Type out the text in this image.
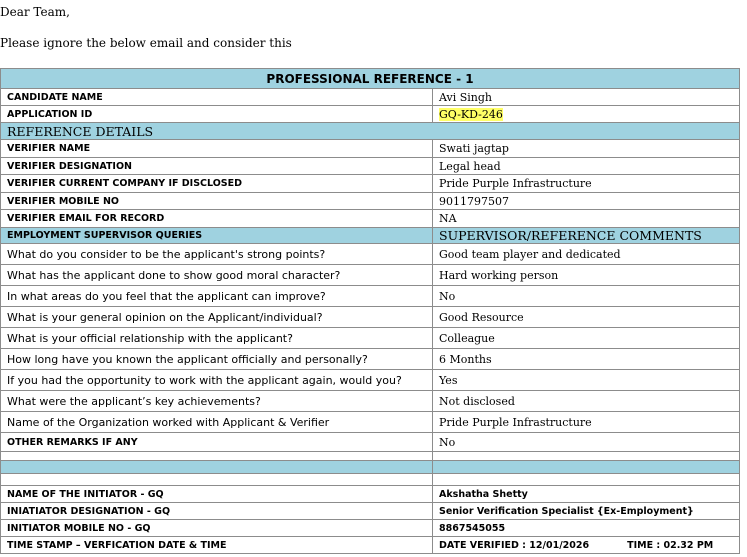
Dear Team,
Please ignore the below email and consider this
PROFESSIONAL REFERENCE - 1	
CANDIDATE NAME	Avi Singh
APPLICATION ID	GQ-KD-246
REFERENCE DETAILS	
VERIFIER NAME	Swati jagtap
VERIFIER DESIGNATION	Legal head
VERIFIER CURRENT COMPANY IF DISCLOSED	Pride Purple Infrastructure
VERIFIER MOBILE NO	9011797507
VERIFIER EMAIL FOR RECORD	NA
EMPLOYMENT SUPERVISOR QUERIES	SUPERVISOR/REFERENCE COMMENTS
What do you consider to be the applicant's strong points?	Good team player and dedicated
What has the applicant done to show good moral character?	Hard working person
In what areas do you feel that the applicant can improve?	No
What is your general opinion on the Applicant/individual?	Good Resource
What is your official relationship with the applicant?	Colleague
How long have you known the applicant officially and personally?	6 Months
If you had the opportunity to work with the applicant again, would you?	Yes
What were the applicant’s key achievements?	Not disclosed
Name of the Organization worked with Applicant & Verifier	Pride Purple Infrastructure
OTHER REMARKS IF ANY	No

NAME OF THE INITIATOR - GQ	Akshatha Shetty
INIATIATOR DESIGNATION - GQ	Senior Verification Specialist {Ex-Employment}
INITIATOR MOBILE NO - GQ	8867545055
TIME STAMP – VERFICATION DATE & TIME	DATE VERIFIED : 12/01/2026 TIME : 02.32 PM
